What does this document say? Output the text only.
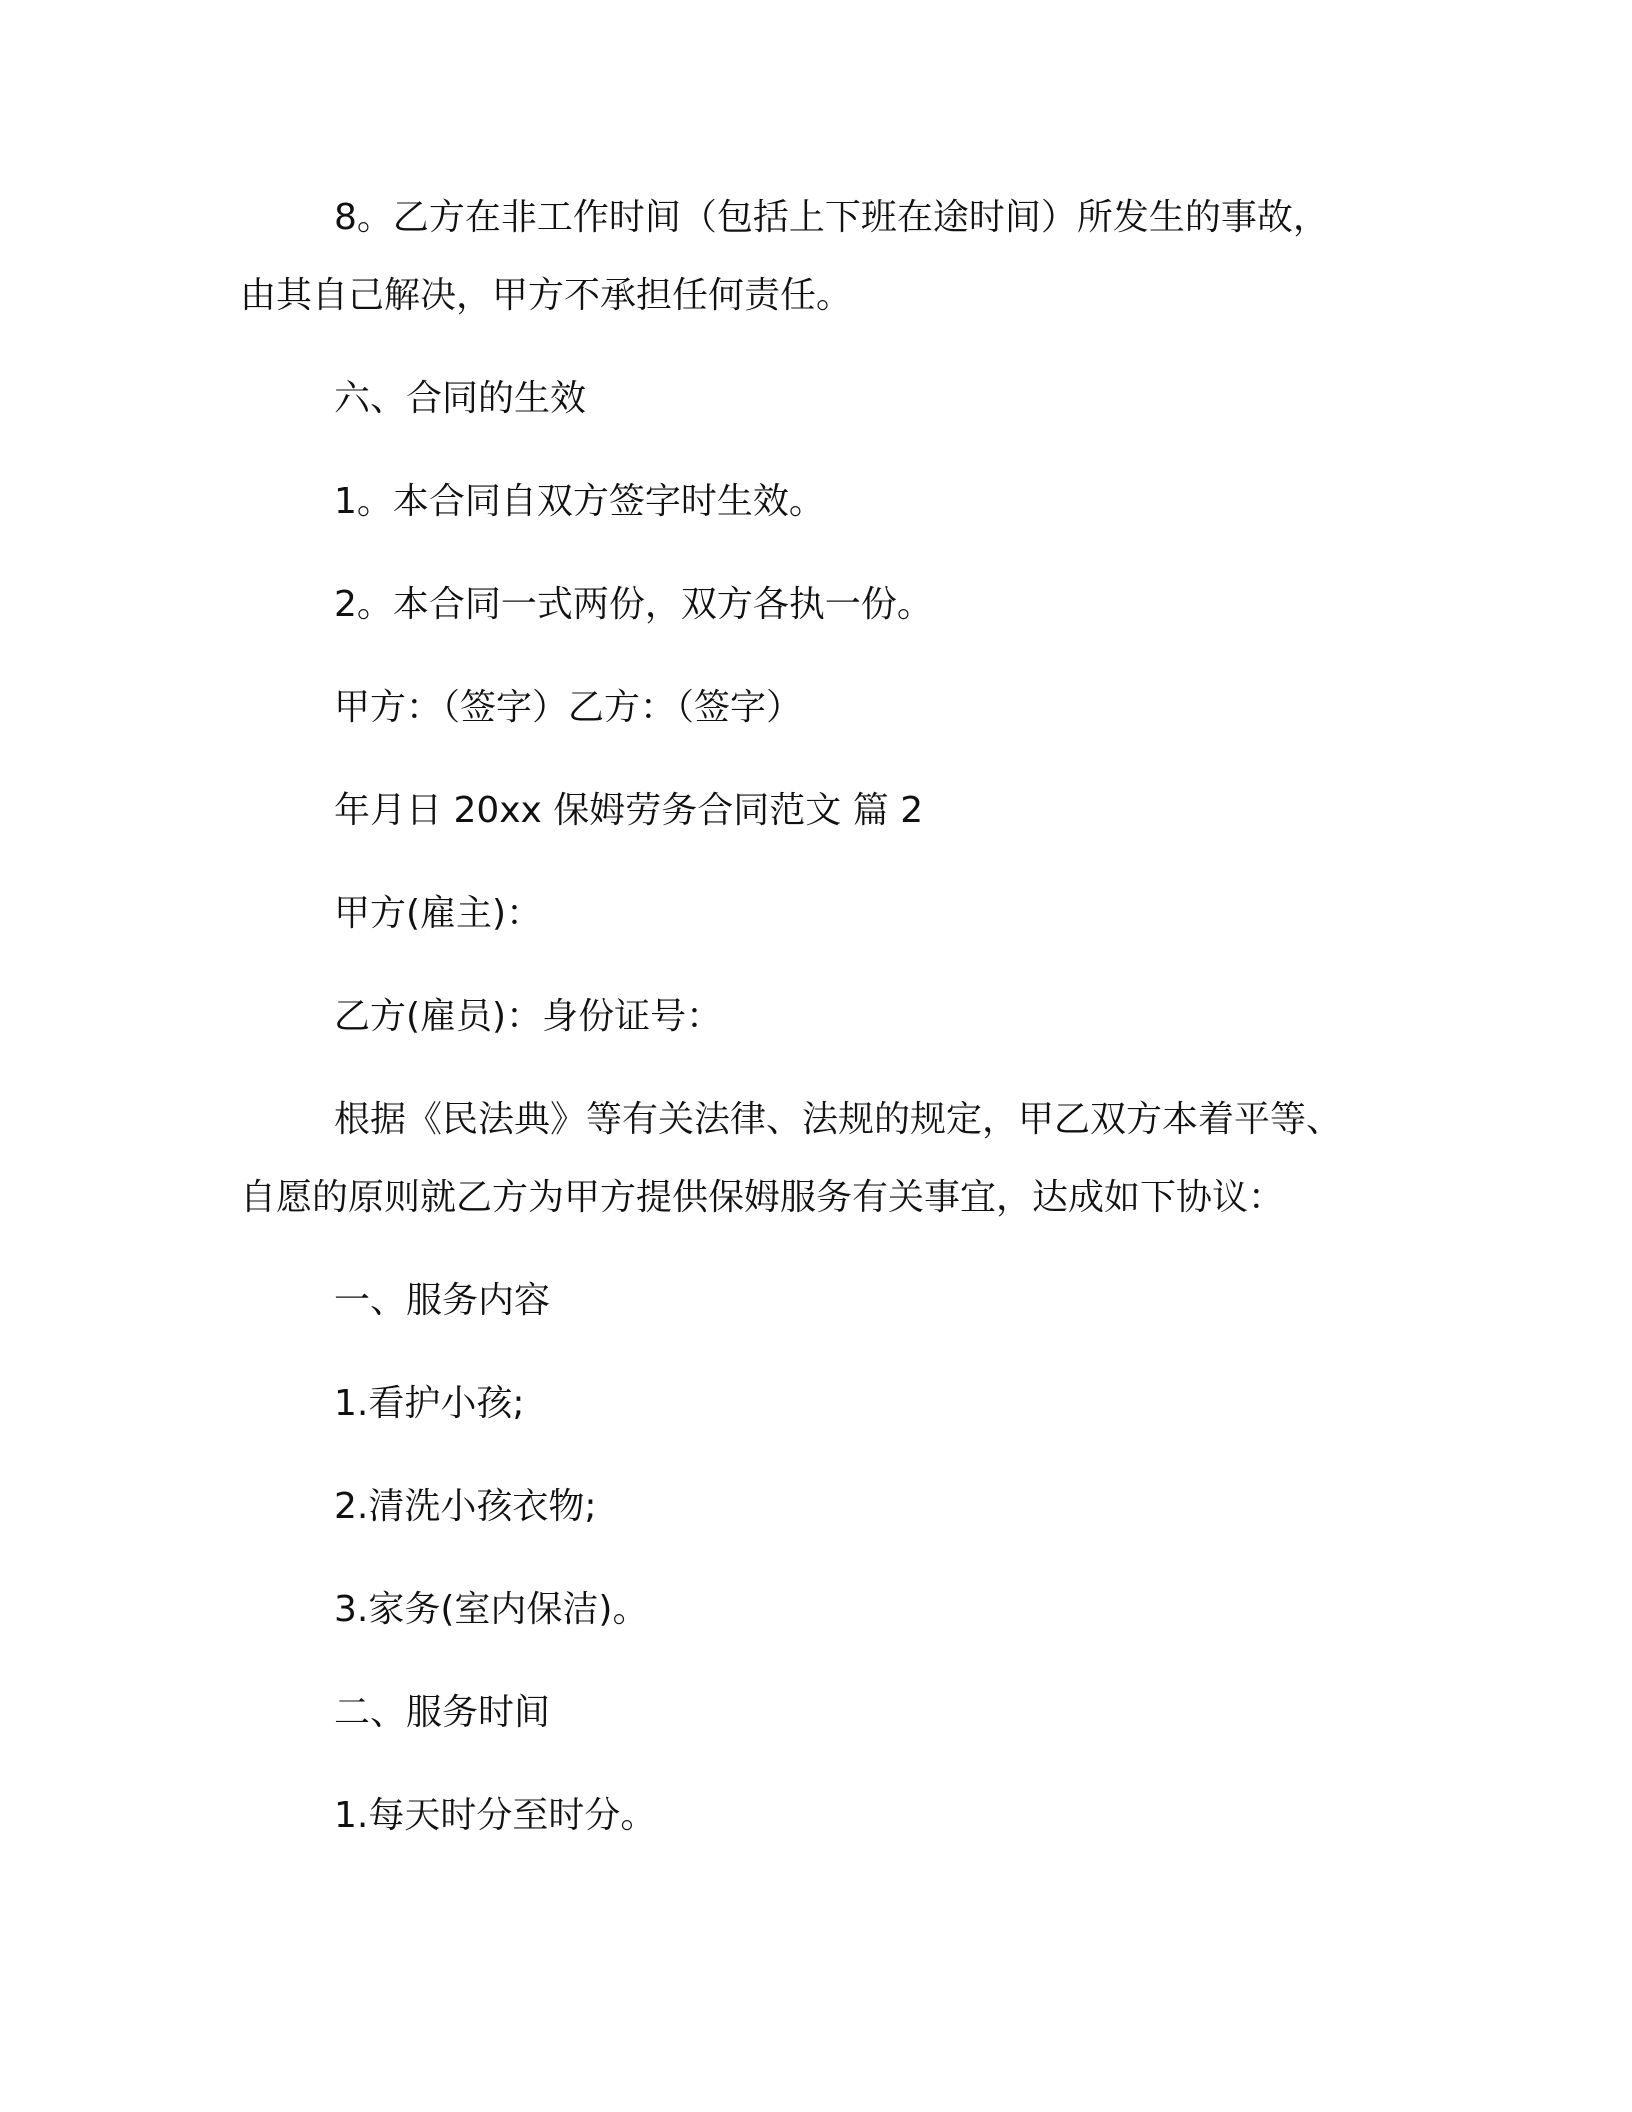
8。乙方在非工作时间（包括上下班在途时间）所发生的事故，
由其自己解决，甲方不承担任何责任。
六、合同的生效
1。本合同自双方签字时生效。
2。本合同一式两份，双方各执一份。
甲方：（签字）乙方：（签字）
年月日 20xx 保姆劳务合同范文 篇 2
甲方(雇主)：
乙方(雇员)：身份证号：
根据《民法典》等有关法律、法规的规定，甲乙双方本着平等、
自愿的原则就乙方为甲方提供保姆服务有关事宜，达成如下协议：
一、服务内容
1.看护小孩;
2.清洗小孩衣物;
3.家务(室内保洁)。
二、服务时间
1.每天时分至时分。
